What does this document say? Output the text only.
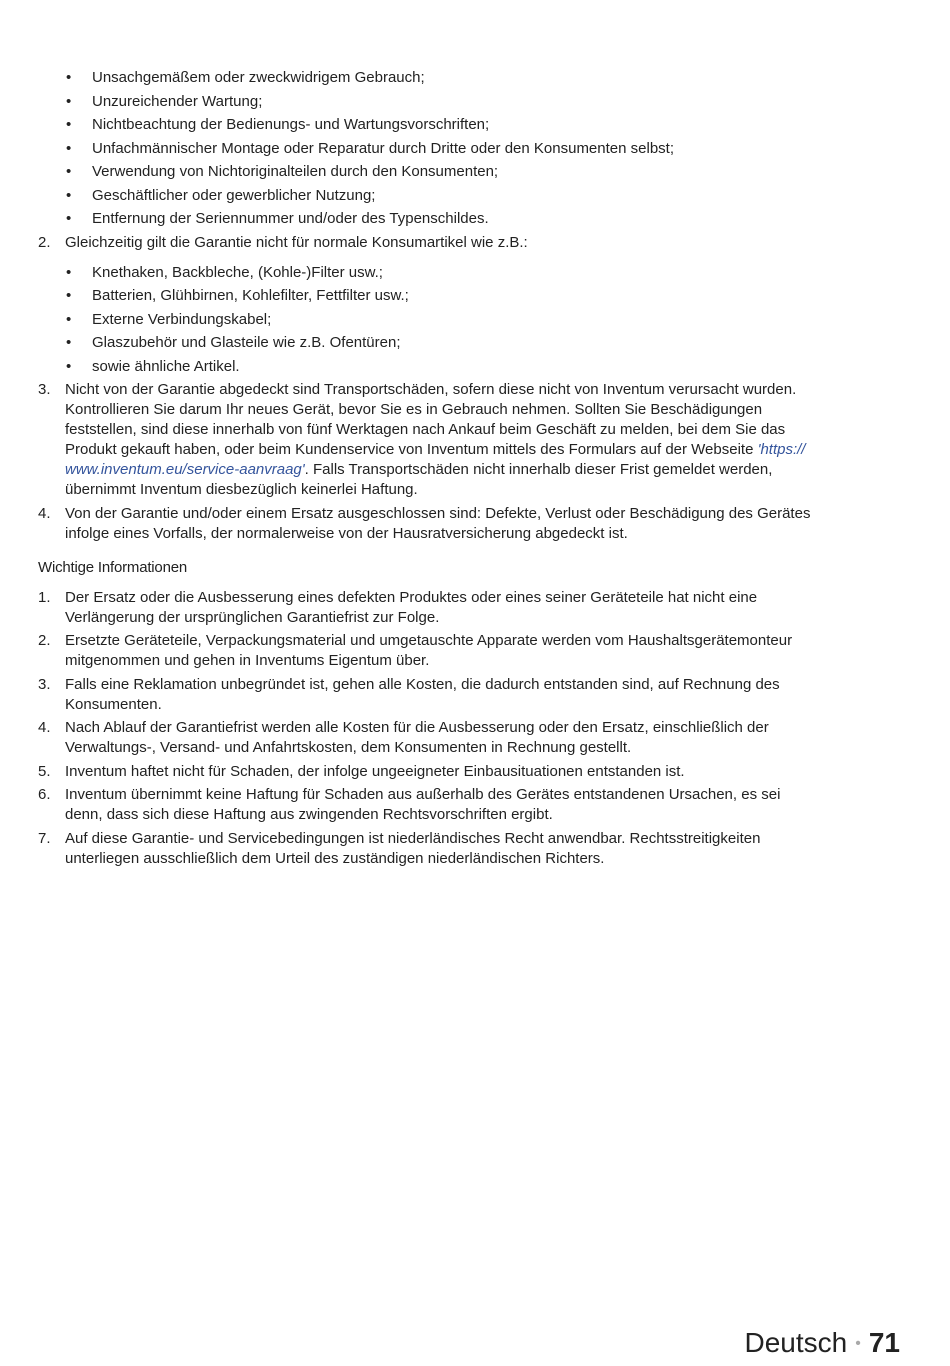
•	Unsachgemäßem oder zweckwidrigem Gebrauch;
•	Unzureichender Wartung;
•	Nichtbeachtung der Bedienungs- und Wartungsvorschriften;
•	Unfachmännischer Montage oder Reparatur durch Dritte oder den Konsumenten selbst;
•	Verwendung von Nichtoriginalteilen durch den Konsumenten;
•	Geschäftlicher oder gewerblicher Nutzung;
•	Entfernung der Seriennummer und/oder des Typenschildes.
2. Gleichzeitig gilt die Garantie nicht für normale Konsumartikel wie z.B.:
•	Knethaken, Backbleche, (Kohle-)Filter usw.;
•	Batterien, Glühbirnen, Kohlefilter, Fettfilter usw.;
•	Externe Verbindungskabel;
•	Glaszubehör und Glasteile wie z.B. Ofentüren;
•	sowie ähnliche Artikel.
3. Nicht von der Garantie abgedeckt sind Transportschäden, sofern diese nicht von Inventum verursacht wurden.
Kontrollieren Sie darum Ihr neues Gerät, bevor Sie es in Gebrauch nehmen. Sollten Sie Beschädigungen
feststellen, sind diese innerhalb von fünf Werktagen nach Ankauf beim Geschäft zu melden, bei dem Sie das
Produkt gekauft haben, oder beim Kundenservice von Inventum mittels des Formulars auf der Webseite 'https://
www.inventum.eu/service-aanvraag'. Falls Transportschäden nicht innerhalb dieser Frist gemeldet werden,
übernimmt Inventum diesbezüglich keinerlei Haftung.
4. Von der Garantie und/oder einem Ersatz ausgeschlossen sind: Defekte, Verlust oder Beschädigung des Gerätes
infolge eines Vorfalls, der normalerweise von der Hausratversicherung abgedeckt ist.
Wichtige Informationen
1. Der Ersatz oder die Ausbesserung eines defekten Produktes oder eines seiner Geräteteile hat nicht eine
Verlängerung der ursprünglichen Garantiefrist zur Folge.
2. Ersetzte Geräteteile, Verpackungsmaterial und umgetauschte Apparate werden vom Haushaltsgerätemonteur
mitgenommen und gehen in Inventums Eigentum über.
3. Falls eine Reklamation unbegründet ist, gehen alle Kosten, die dadurch entstanden sind, auf Rechnung des
Konsumenten.
4. Nach Ablauf der Garantiefrist werden alle Kosten für die Ausbesserung oder den Ersatz, einschließlich der
Verwaltungs-, Versand- und Anfahrtskosten, dem Konsumenten in Rechnung gestellt.
5. Inventum haftet nicht für Schaden, der infolge ungeeigneter Einbausituationen entstanden ist.
6. Inventum übernimmt keine Haftung für Schaden aus außerhalb des Gerätes entstandenen Ursachen, es sei
denn, dass sich diese Haftung aus zwingenden Rechtsvorschriften ergibt.
7. Auf diese Garantie- und Servicebedingungen ist niederländisches Recht anwendbar. Rechtsstreitigkeiten
unterliegen ausschließlich dem Urteil des zuständigen niederländischen Richters.
Deutsch • 71
